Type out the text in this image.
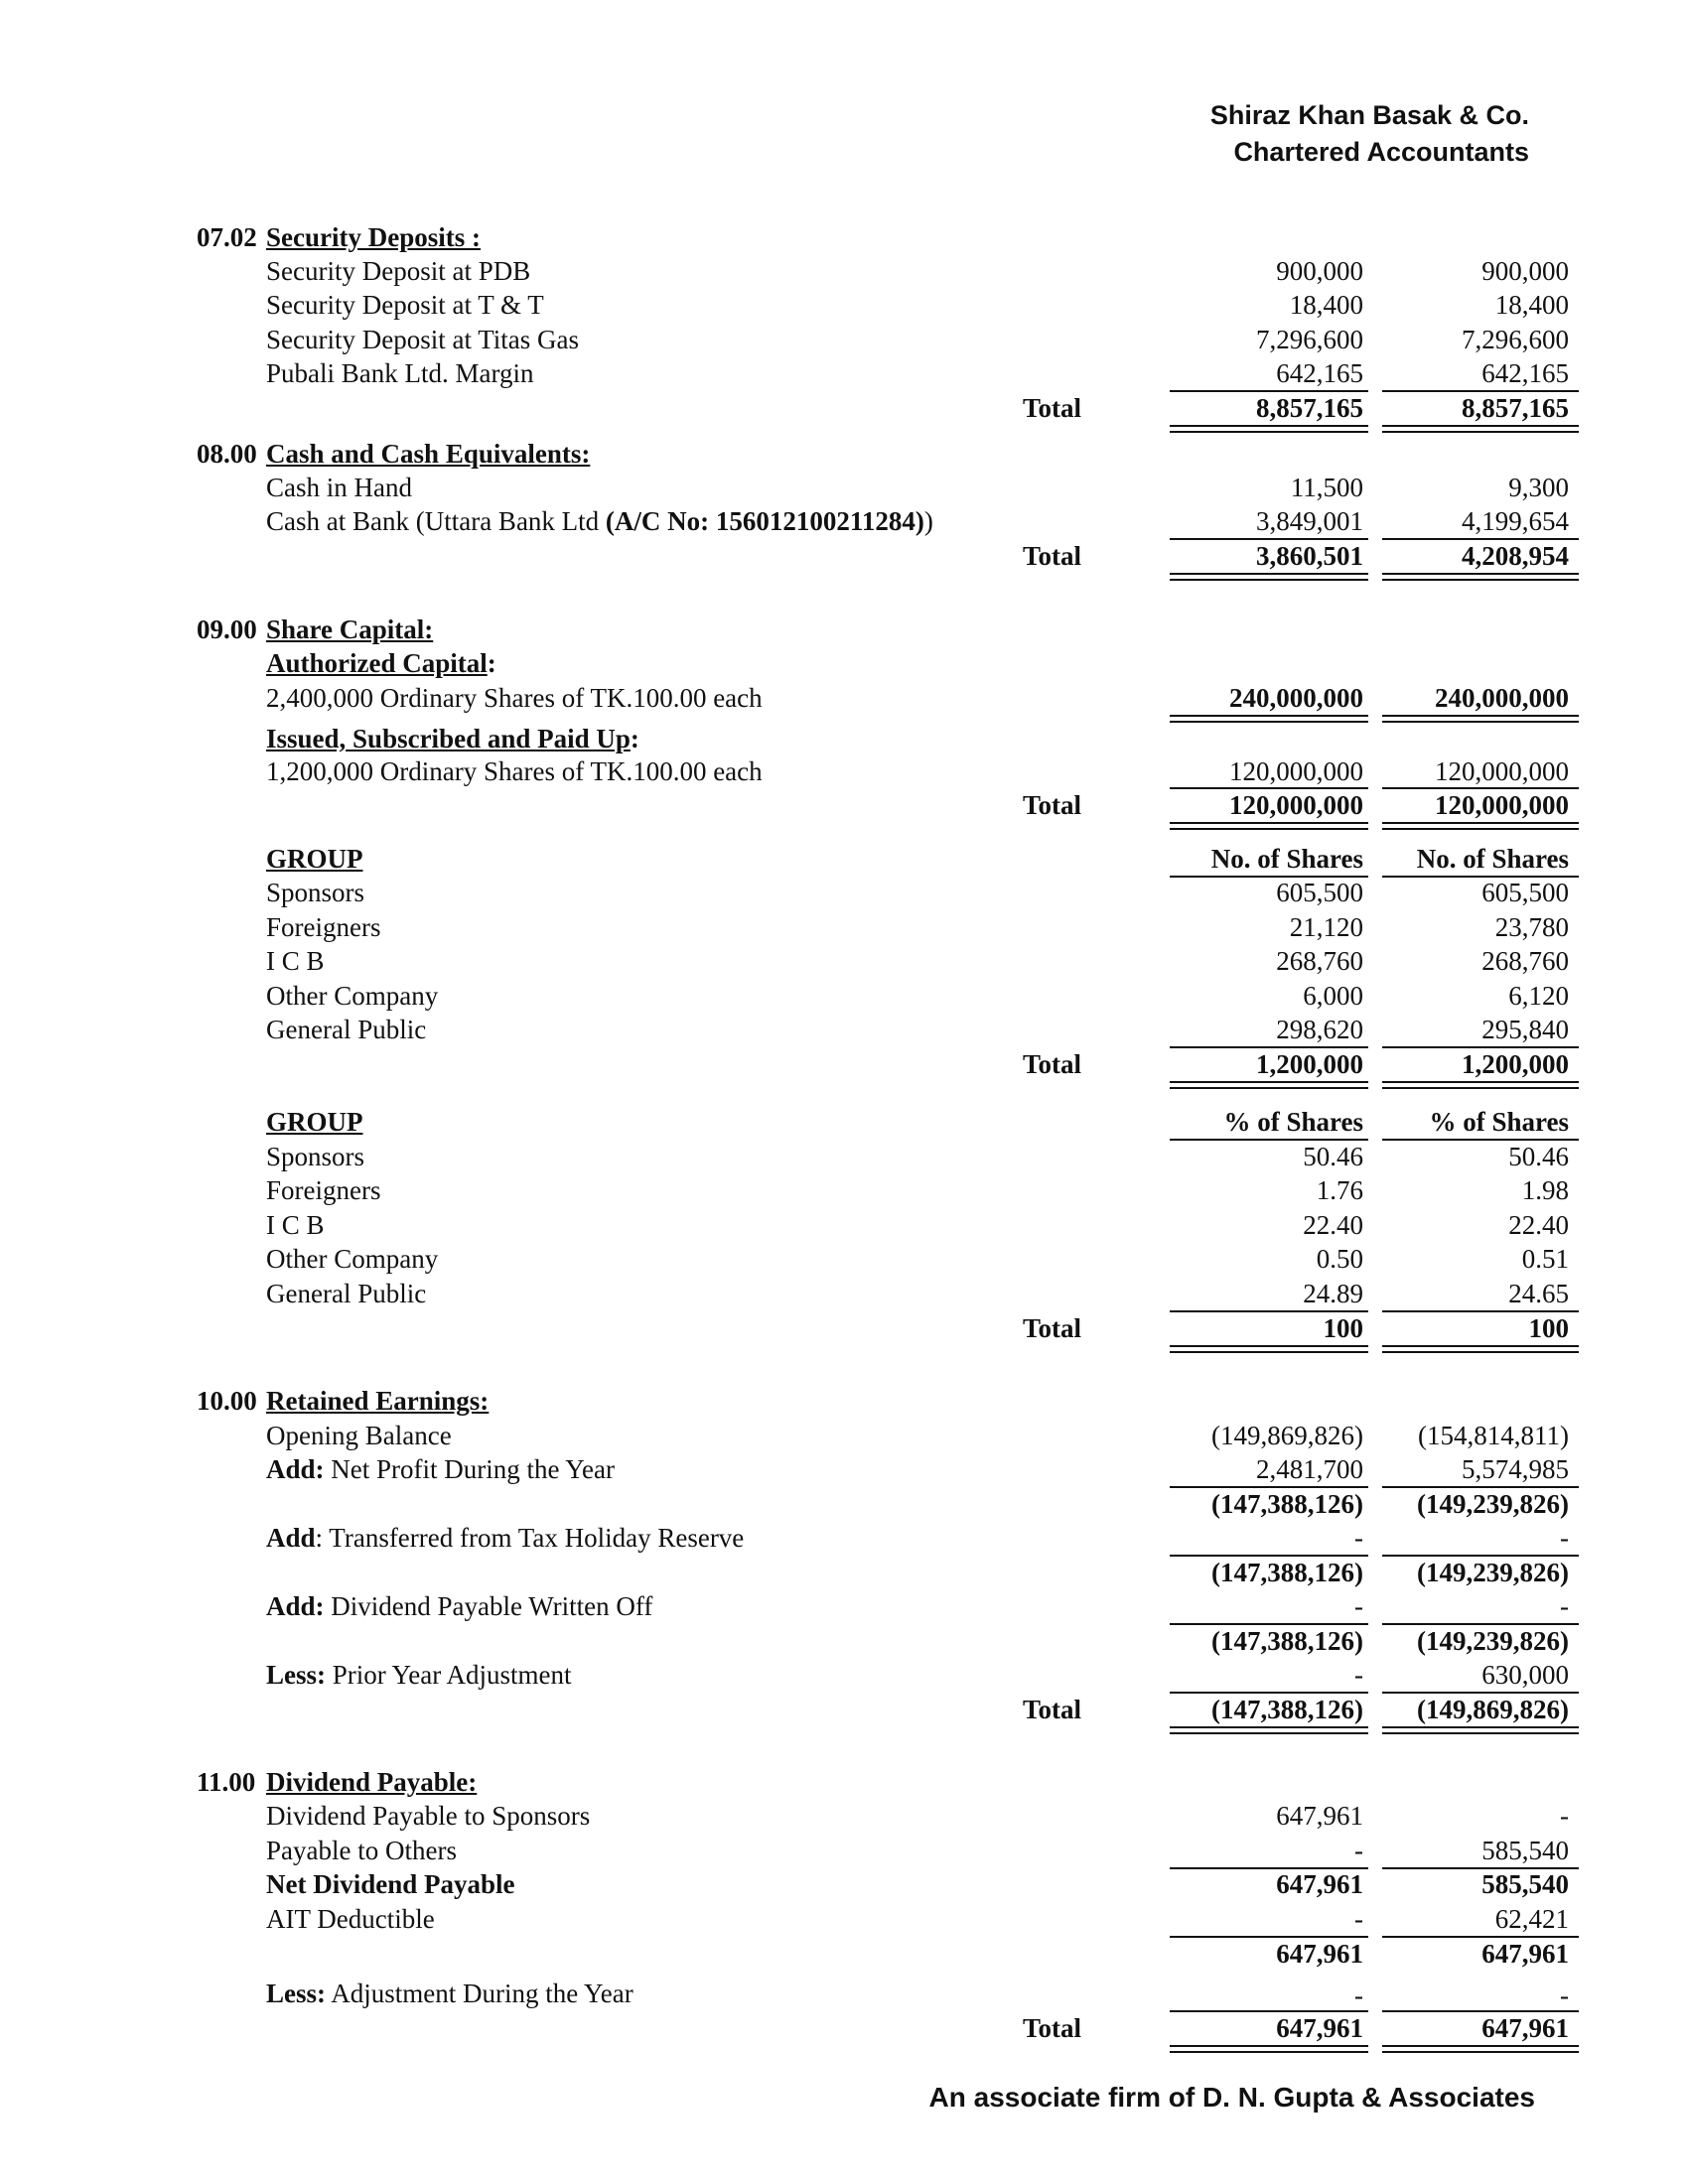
Shiraz Khan Basak & Co.
Chartered Accountants
07.02 Security Deposits :
Security Deposit at PDB	900,000	900,000
Security Deposit at T & T	18,400	18,400
Security Deposit at Titas Gas	7,296,600	7,296,600
Pubali Bank Ltd. Margin	642,165	642,165
Total	8,857,165	8,857,165
08.00 Cash and Cash Equivalents:
Cash in Hand	11,500	9,300
Cash at Bank (Uttara Bank Ltd (A/C No: 156012100211284))	3,849,001	4,199,654
Total	3,860,501	4,208,954
09.00 Share Capital:
Authorized Capital:
2,400,000 Ordinary Shares of TK.100.00 each	240,000,000	240,000,000
Issued, Subscribed and Paid Up:
1,200,000 Ordinary Shares of TK.100.00 each	120,000,000	120,000,000
Total	120,000,000	120,000,000
GROUP	No. of Shares	No. of Shares
Sponsors	605,500	605,500
Foreigners	21,120	23,780
I C B	268,760	268,760
Other Company	6,000	6,120
General Public	298,620	295,840
Total	1,200,000	1,200,000
GROUP	% of Shares	% of Shares
Sponsors	50.46	50.46
Foreigners	1.76	1.98
I C B	22.40	22.40
Other Company	0.50	0.51
General Public	24.89	24.65
Total	100	100
10.00 Retained Earnings:
Opening Balance	(149,869,826)	(154,814,811)
Add: Net Profit During the Year	2,481,700	5,574,985
(147,388,126)	(149,239,826)
Add: Transferred from Tax Holiday Reserve	-	-
(147,388,126)	(149,239,826)
Add: Dividend Payable Written Off	-	-
(147,388,126)	(149,239,826)
Less: Prior Year Adjustment	-	630,000
Total	(147,388,126)	(149,869,826)
11.00 Dividend Payable:
Dividend Payable to Sponsors	647,961	-
Payable to Others	-	585,540
Net Dividend Payable	647,961	585,540
AIT Deductible	-	62,421
647,961	647,961
Less: Adjustment During the Year	-	-
Total	647,961	647,961
An associate firm of D. N. Gupta & Associates
